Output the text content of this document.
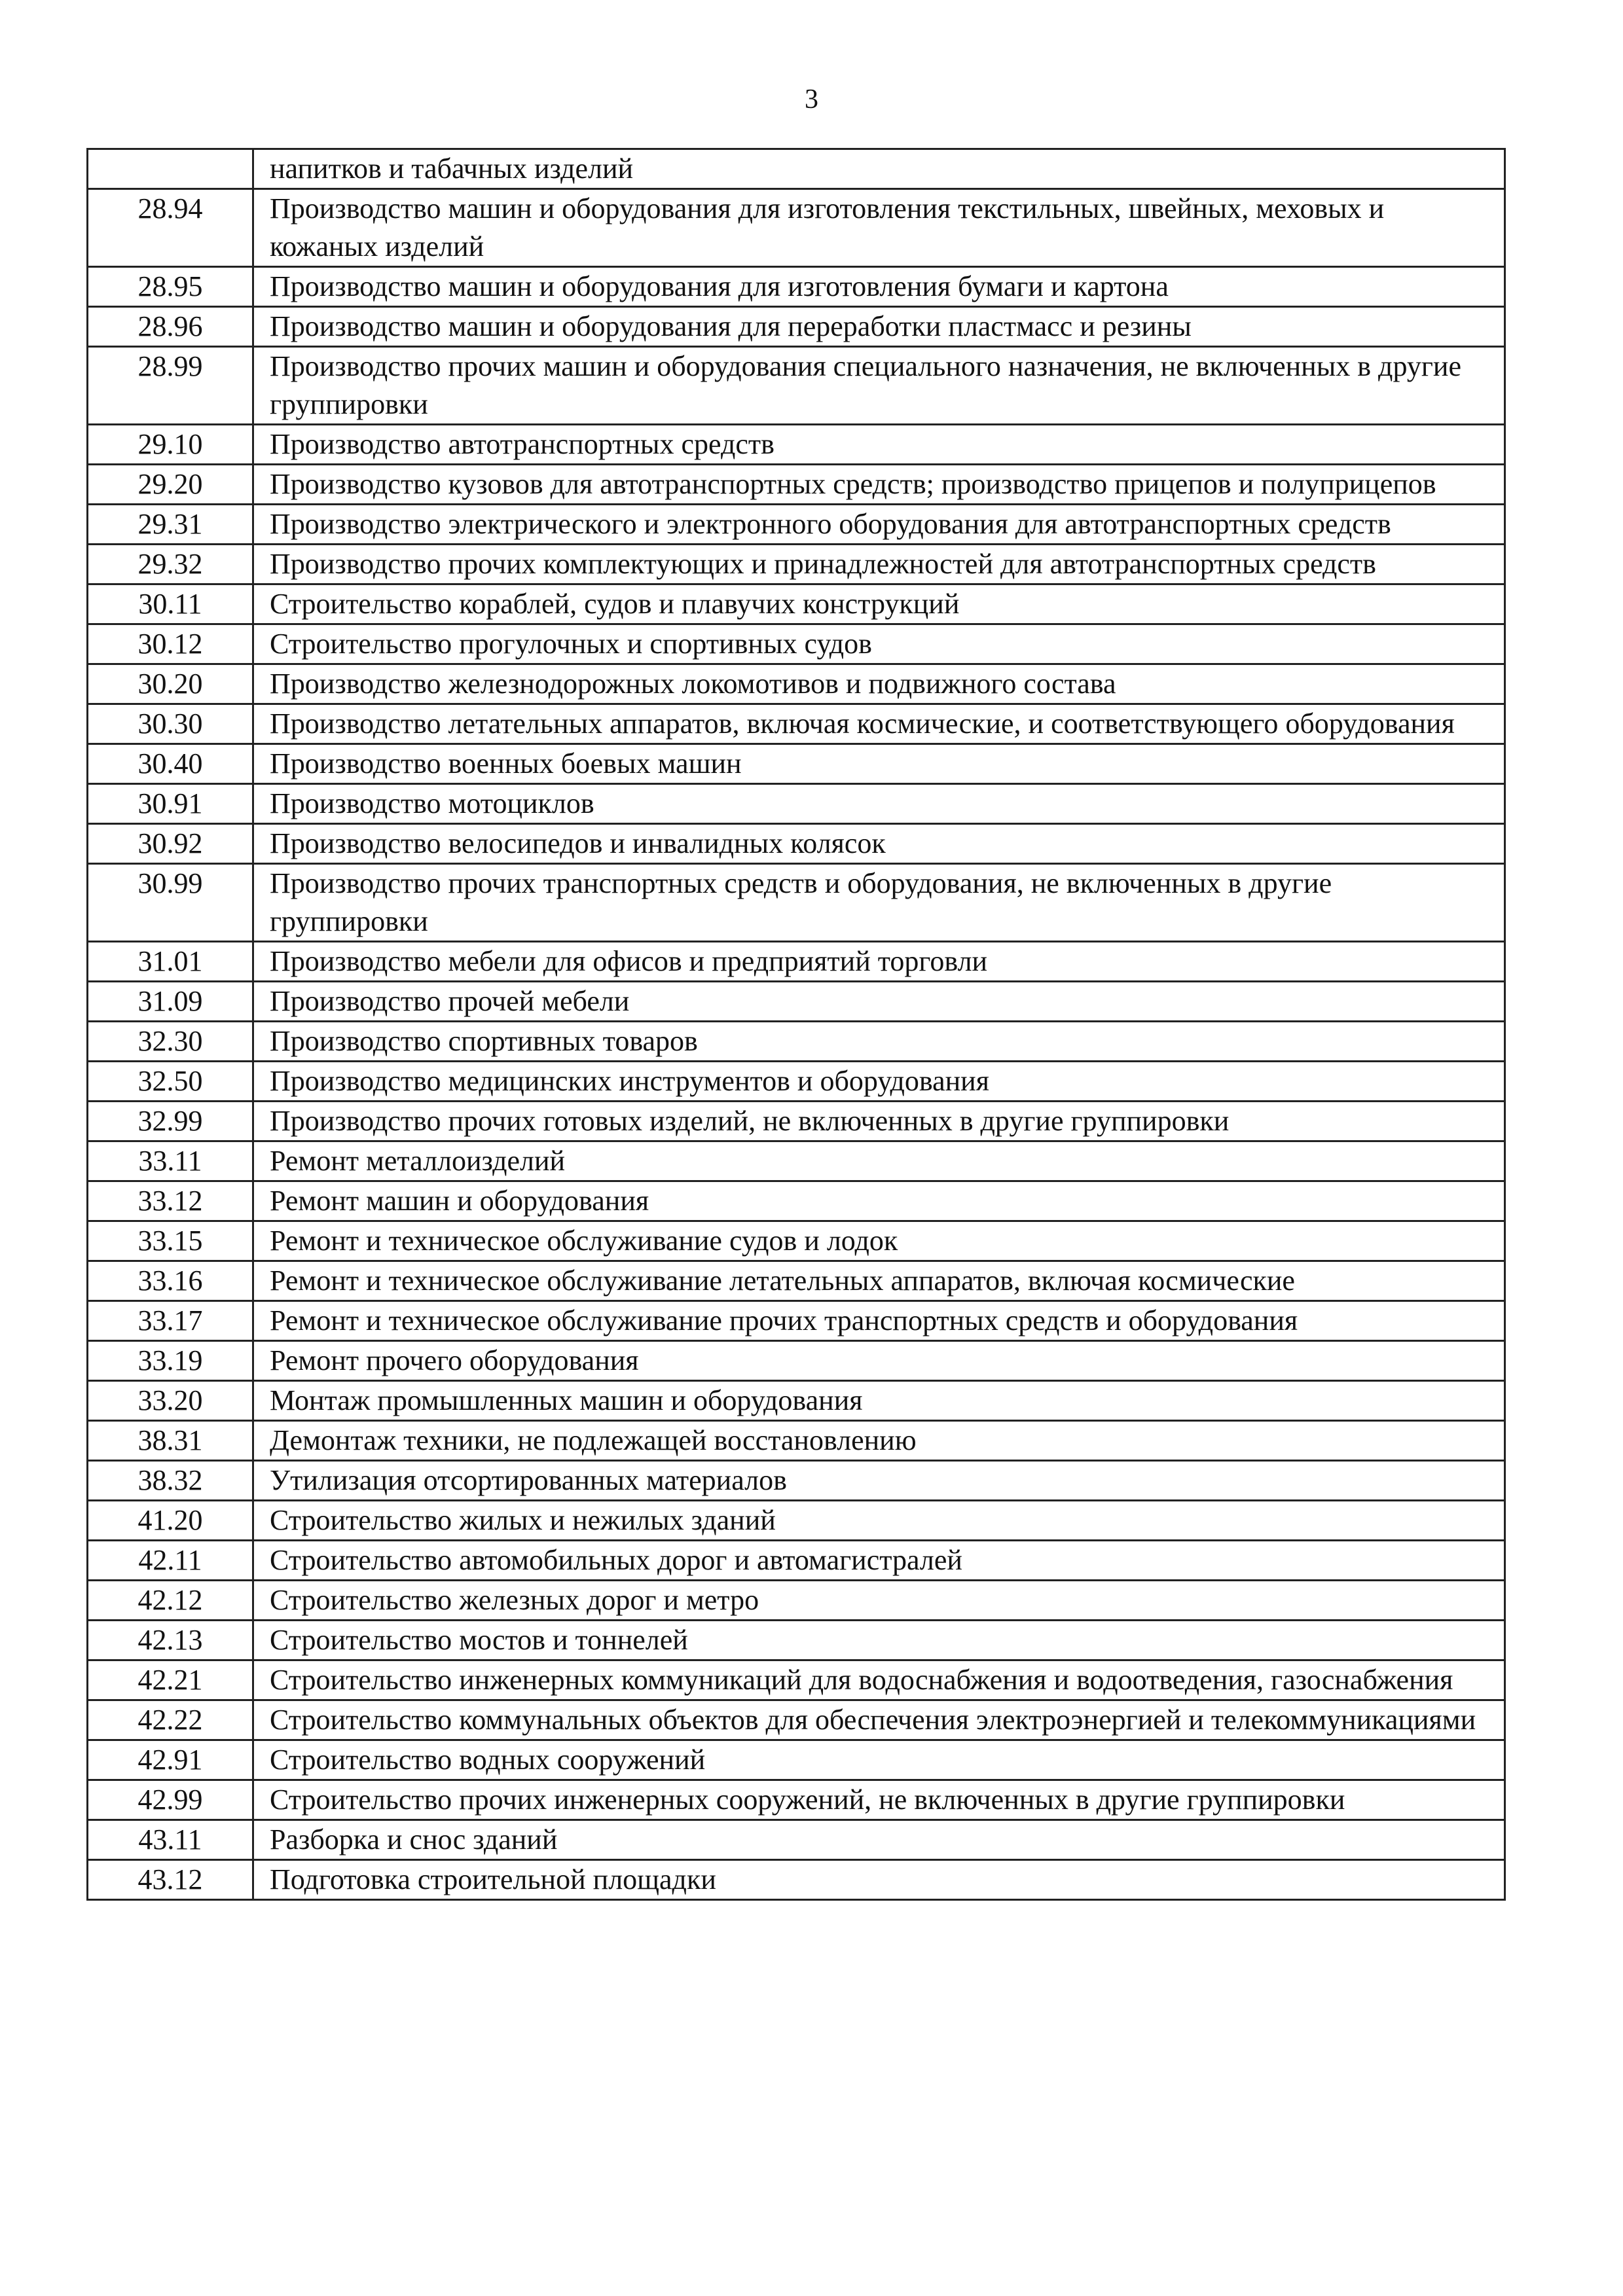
3
	напитков и табачных изделий
28.94	Производство машин и оборудования для изготовления текстильных, швейных, меховых и кожаных изделий
28.95	Производство машин и оборудования для изготовления бумаги и картона
28.96	Производство машин и оборудования для переработки пластмасс и резины
28.99	Производство прочих машин и оборудования специального назначения, не включенных в другие группировки
29.10	Производство автотранспортных средств
29.20	Производство кузовов для автотранспортных средств; производство прицепов и полуприцепов
29.31	Производство электрического и электронного оборудования для автотранспортных средств
29.32	Производство прочих комплектующих и принадлежностей для автотранспортных средств
30.11	Строительство кораблей, судов и плавучих конструкций
30.12	Строительство прогулочных и спортивных судов
30.20	Производство железнодорожных локомотивов и подвижного состава
30.30	Производство летательных аппаратов, включая космические, и соответствующего оборудования
30.40	Производство военных боевых машин
30.91	Производство мотоциклов
30.92	Производство велосипедов и инвалидных колясок
30.99	Производство прочих транспортных средств и оборудования, не включенных в другие группировки
31.01	Производство мебели для офисов и предприятий торговли
31.09	Производство прочей мебели
32.30	Производство спортивных товаров
32.50	Производство медицинских инструментов и оборудования
32.99	Производство прочих готовых изделий, не включенных в другие группировки
33.11	Ремонт металлоизделий
33.12	Ремонт машин и оборудования
33.15	Ремонт и техническое обслуживание судов и лодок
33.16	Ремонт и техническое обслуживание летательных аппаратов, включая космические
33.17	Ремонт и техническое обслуживание прочих транспортных средств и оборудования
33.19	Ремонт прочего оборудования
33.20	Монтаж промышленных машин и оборудования
38.31	Демонтаж техники, не подлежащей восстановлению
38.32	Утилизация отсортированных материалов
41.20	Строительство жилых и нежилых зданий
42.11	Строительство автомобильных дорог и автомагистралей
42.12	Строительство железных дорог и метро
42.13	Строительство мостов и тоннелей
42.21	Строительство инженерных коммуникаций для водоснабжения и водоотведения, газоснабжения
42.22	Строительство коммунальных объектов для обеспечения электроэнергией и телекоммуникациями
42.91	Строительство водных сооружений
42.99	Строительство прочих инженерных сооружений, не включенных в другие группировки
43.11	Разборка и снос зданий
43.12	Подготовка строительной площадки
